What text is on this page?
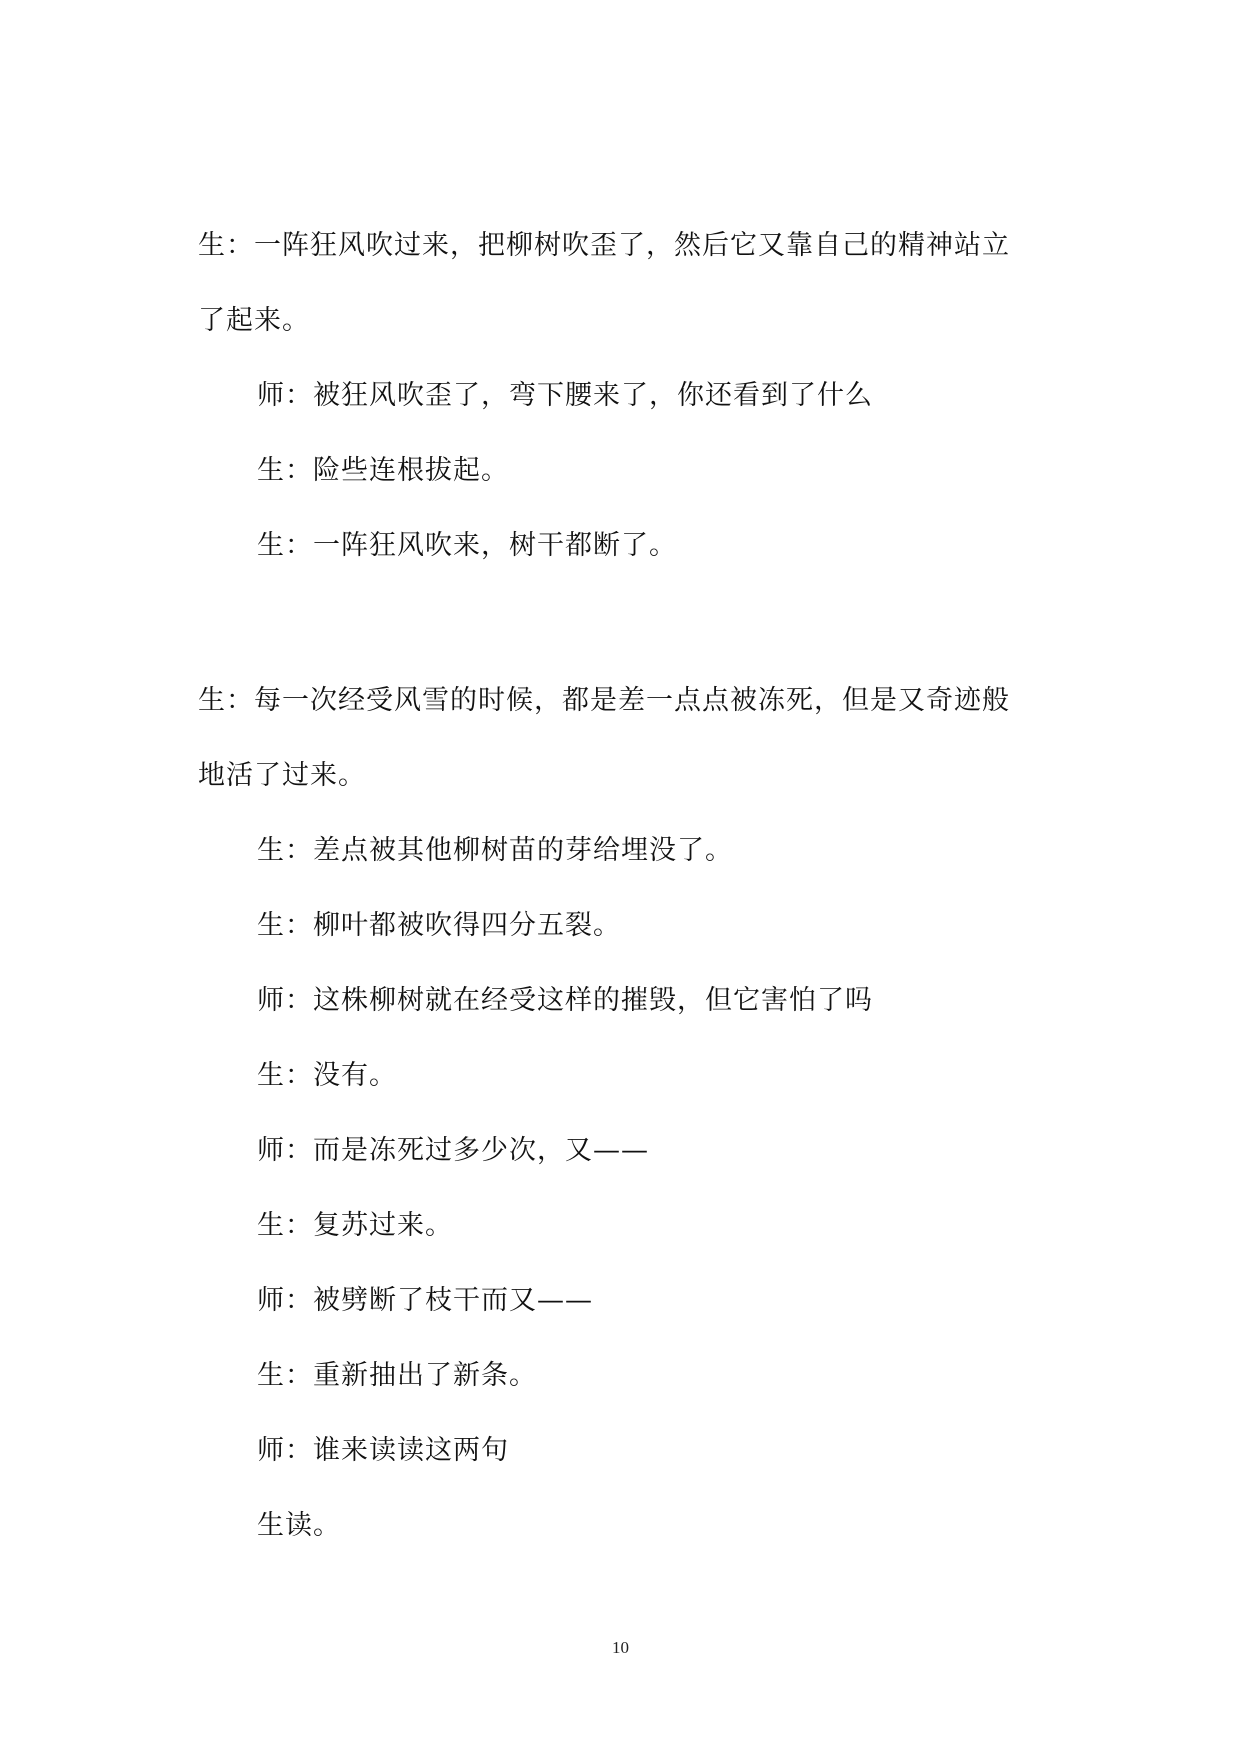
生：一阵狂风吹过来，把柳树吹歪了，然后它又靠自己的精神站立
了起来。
师：被狂风吹歪了，弯下腰来了，你还看到了什么
生：险些连根拔起。
生：一阵狂风吹来，树干都断了。
生：每一次经受风雪的时候，都是差一点点被冻死，但是又奇迹般
地活了过来。
生：差点被其他柳树苗的芽给埋没了。
生：柳叶都被吹得四分五裂。
师：这株柳树就在经受这样的摧毁，但它害怕了吗
生：没有。
师：而是冻死过多少次，又——
生：复苏过来。
师：被劈断了枝干而又——
生：重新抽出了新条。
师：谁来读读这两句
生读。
10
